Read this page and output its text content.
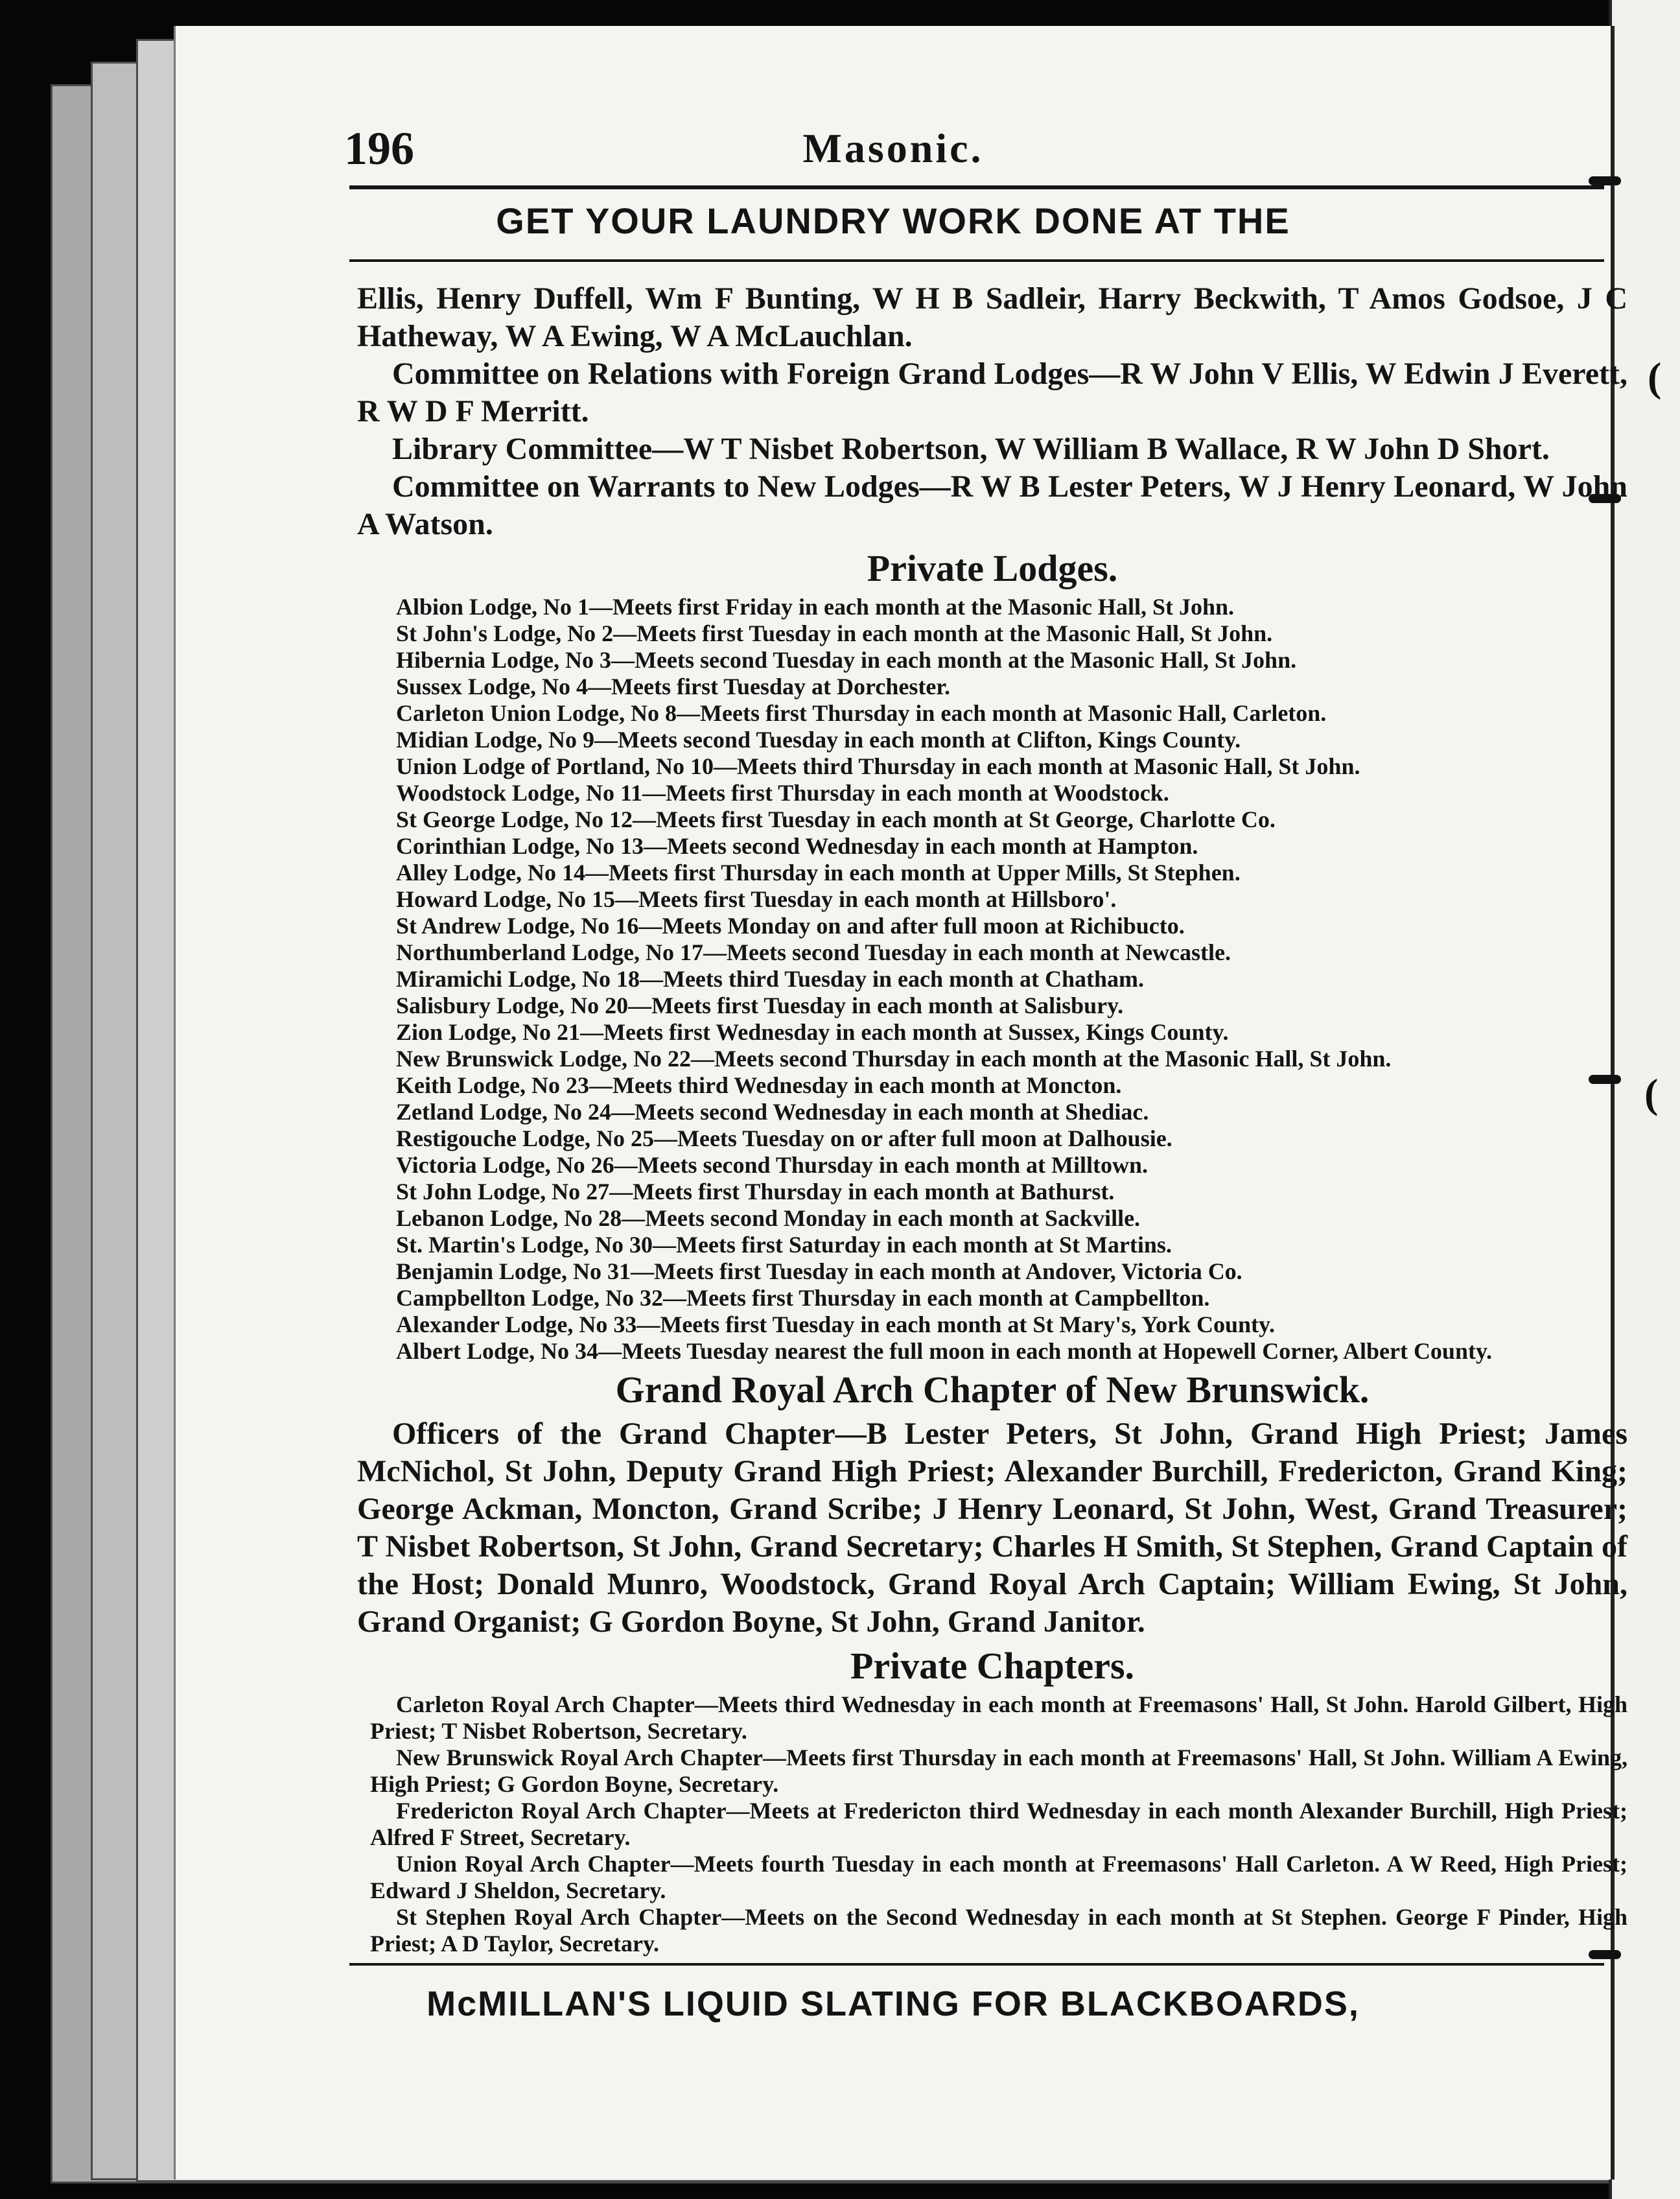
(
(
196	Masonic.
GET YOUR LAUNDRY WORK DONE AT THE

Ellis, Henry Duffell, Wm F Bunting, W H B Sadleir, Harry Beckwith, T Amos Godsoe, J C Hatheway, W A Ewing, W A McLauchlan.

Committee on Relations with Foreign Grand Lodges—R W John V Ellis, W Edwin J Everett, R W D F Merritt.

Library Committee—W T Nisbet Robertson, W William B Wallace, R W John D Short.

Committee on Warrants to New Lodges—R W B Lester Peters, W J Henry Leonard, W John A Watson.

Private Lodges.

Albion Lodge, No 1—Meets first Friday in each month at the Masonic Hall, St John.

St John's Lodge, No 2—Meets first Tuesday in each month at the Masonic Hall, St John.

Hibernia Lodge, No 3—Meets second Tuesday in each month at the Masonic Hall, St John.

Sussex Lodge, No 4—Meets first Tuesday at Dorchester.

Carleton Union Lodge, No 8—Meets first Thursday in each month at Masonic Hall, Carleton.

Midian Lodge, No 9—Meets second Tuesday in each month at Clifton, Kings County.

Union Lodge of Portland, No 10—Meets third Thursday in each month at Masonic Hall, St John.

Woodstock Lodge, No 11—Meets first Thursday in each month at Woodstock.

St George Lodge, No 12—Meets first Tuesday in each month at St George, Charlotte Co.

Corinthian Lodge, No 13—Meets second Wednesday in each month at Hampton.

Alley Lodge, No 14—Meets first Thursday in each month at Upper Mills, St Stephen.

Howard Lodge, No 15—Meets first Tuesday in each month at Hillsboro'.

St Andrew Lodge, No 16—Meets Monday on and after full moon at Richibucto.

Northumberland Lodge, No 17—Meets second Tuesday in each month at Newcastle.

Miramichi Lodge, No 18—Meets third Tuesday in each month at Chatham.

Salisbury Lodge, No 20—Meets first Tuesday in each month at Salisbury.

Zion Lodge, No 21—Meets first Wednesday in each month at Sussex, Kings County.

New Brunswick Lodge, No 22—Meets second Thursday in each month at the Masonic Hall, St John.

Keith Lodge, No 23—Meets third Wednesday in each month at Moncton.

Zetland Lodge, No 24—Meets second Wednesday in each month at Shediac.

Restigouche Lodge, No 25—Meets Tuesday on or after full moon at Dalhousie.

Victoria Lodge, No 26—Meets second Thursday in each month at Milltown.

St John Lodge, No 27—Meets first Thursday in each month at Bathurst.

Lebanon Lodge, No 28—Meets second Monday in each month at Sackville.

St. Martin's Lodge, No 30—Meets first Saturday in each month at St Martins.

Benjamin Lodge, No 31—Meets first Tuesday in each month at Andover, Victoria Co.

Campbellton Lodge, No 32—Meets first Thursday in each month at Campbellton.

Alexander Lodge, No 33—Meets first Tuesday in each month at St Mary's, York County.

Albert Lodge, No 34—Meets Tuesday nearest the full moon in each month at Hopewell Corner, Albert County.

Grand Royal Arch Chapter of New Brunswick.

Officers of the Grand Chapter—B Lester Peters, St John, Grand High Priest; James McNichol, St John, Deputy Grand High Priest; Alexander Burchill, Fredericton, Grand King; George Ackman, Moncton, Grand Scribe; J Henry Leonard, St John, West, Grand Treasurer; T Nisbet Robertson, St John, Grand Secretary; Charles H Smith, St Stephen, Grand Captain of the Host; Donald Munro, Woodstock, Grand Royal Arch Captain; William Ewing, St John, Grand Organist; G Gordon Boyne, St John, Grand Janitor.

Private Chapters.

Carleton Royal Arch Chapter—Meets third Wednesday in each month at Freemasons' Hall, St John. Harold Gilbert, High Priest; T Nisbet Robertson, Secretary.

New Brunswick Royal Arch Chapter—Meets first Thursday in each month at Freemasons' Hall, St John. William A Ewing, High Priest; G Gordon Boyne, Secretary.

Fredericton Royal Arch Chapter—Meets at Fredericton third Wednesday in each month Alexander Burchill, High Priest; Alfred F Street, Secretary.

Union Royal Arch Chapter—Meets fourth Tuesday in each month at Freemasons' Hall Carleton. A W Reed, High Priest; Edward J Sheldon, Secretary.

St Stephen Royal Arch Chapter—Meets on the Second Wednesday in each month at St Stephen. George F Pinder, High Priest; A D Taylor, Secretary.

McMILLAN'S LIQUID SLATING FOR BLACKBOARDS,
